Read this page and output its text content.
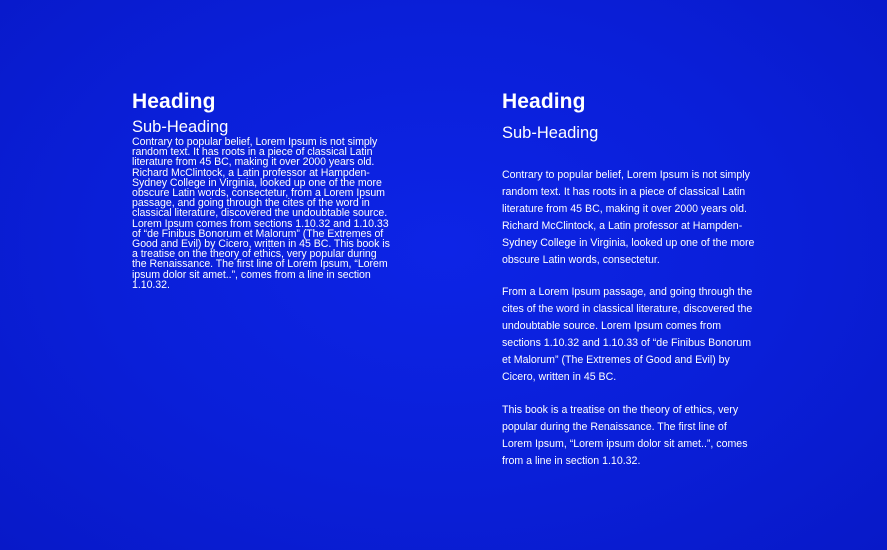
Heading
Sub-Heading

Contrary to popular belief, Lorem Ipsum is not simply random text. It has roots in a piece of classical Latin literature from 45 BC, making it over 2000 years old. Richard McClintock, a Latin professor at Hampden-Sydney College in Virginia, looked up one of the more obscure Latin words, consectetur, from a Lorem Ipsum passage, and going through the cites of the word in classical literature, discovered the undoubtable source. Lorem Ipsum comes from sections 1.10.32 and 1.10.33 of “de Finibus Bonorum et Malorum” (The Extremes of Good and Evil) by Cicero, written in 45 BC. This book is a treatise on the theory of ethics, very popular during the Renaissance. The first line of Lorem Ipsum, “Lorem ipsum dolor sit amet..”, comes from a line in section 1.10.32.

Heading
Sub-Heading

Contrary to popular belief, Lorem Ipsum is not simply random text. It has roots in a piece of classical Latin literature from 45 BC, making it over 2000 years old. Richard McClintock, a Latin professor at Hampden-Sydney College in Virginia, looked up one of the more obscure Latin words, consectetur.

From a Lorem Ipsum passage, and going through the cites of the word in classical literature, discovered the undoubtable source. Lorem Ipsum comes from sections 1.10.32 and 1.10.33 of “de Finibus Bonorum et Malorum” (The Extremes of Good and Evil) by Cicero, written in 45 BC.

This book is a treatise on the theory of ethics, very popular during the Renaissance. The first line of Lorem Ipsum, “Lorem ipsum dolor sit amet..”, comes from a line in section 1.10.32.
